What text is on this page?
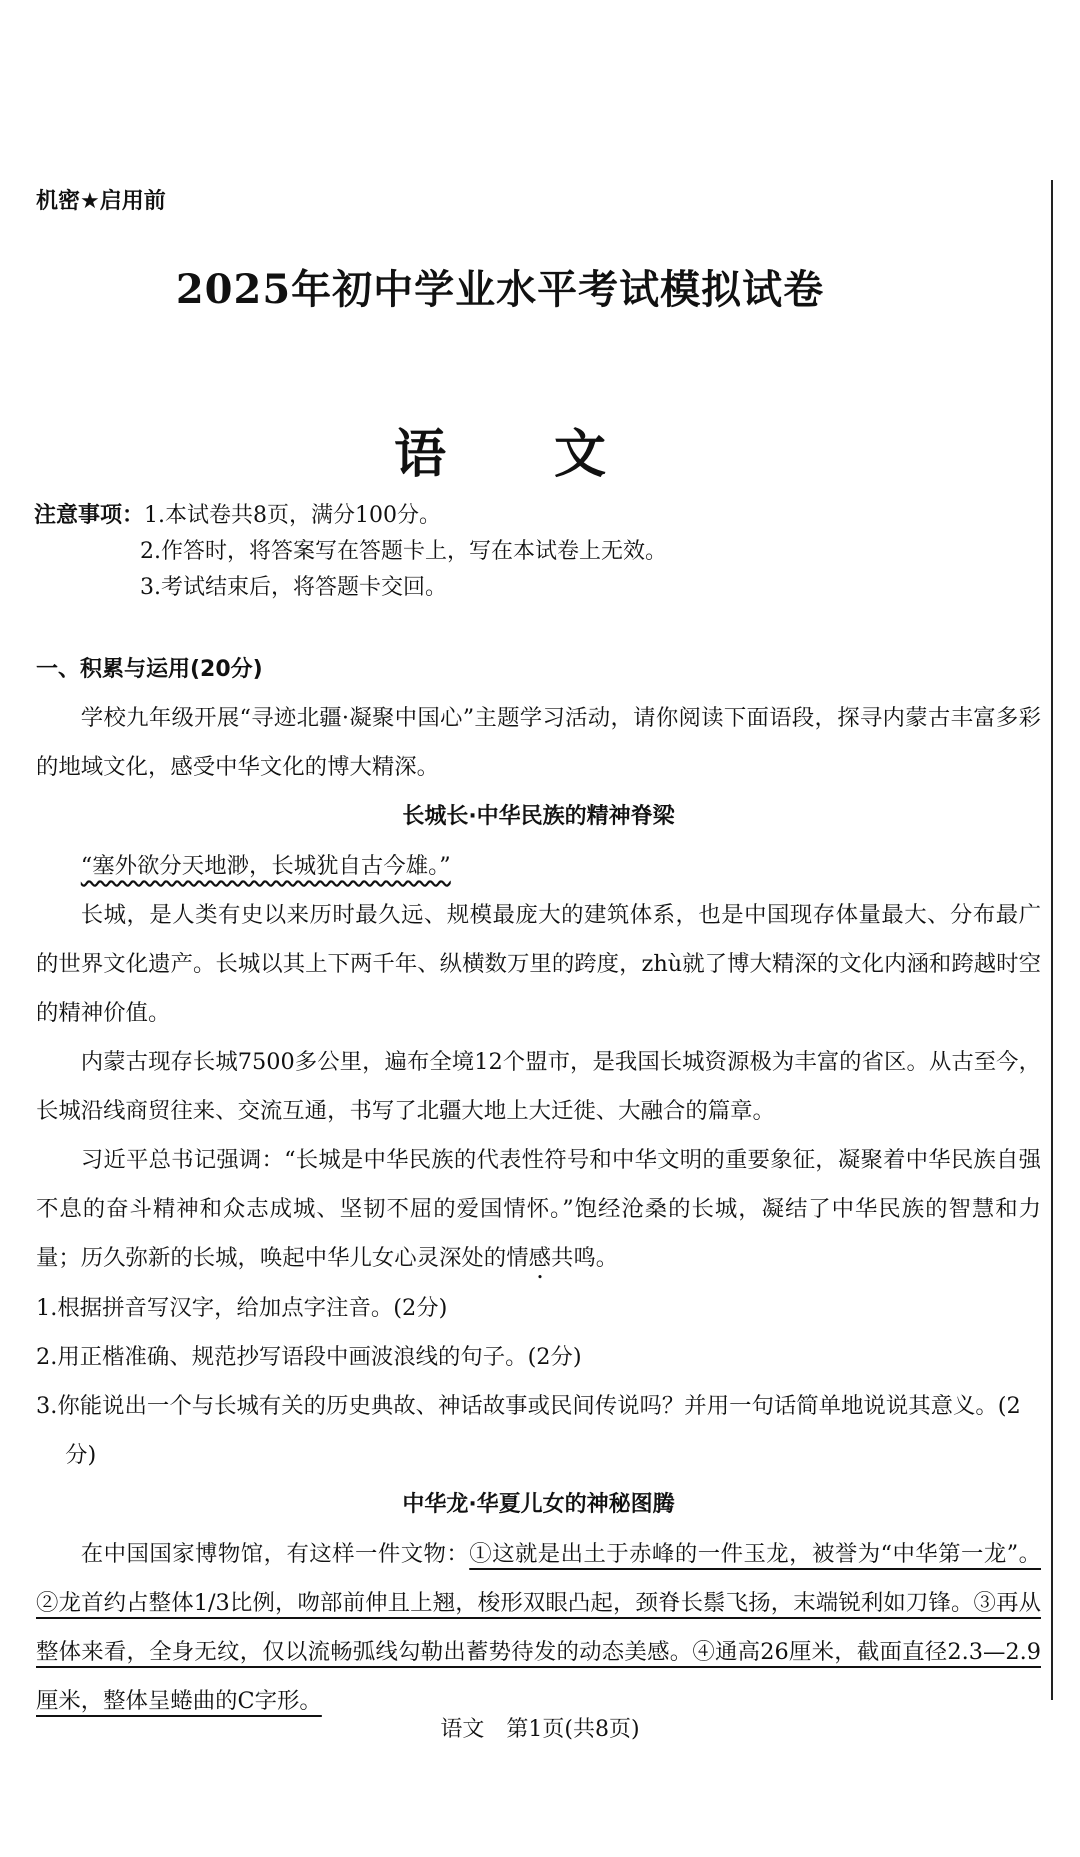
机密★启用前
2025年初中学业水平考试模拟试卷
语文
注意事项：1.本试卷共8页，满分100分。
2.作答时，将答案写在答题卡上，写在本试卷上无效。
3.考试结束后，将答题卡交回。
一、积累与运用(20分)

学校九年级开展“寻迹北疆·凝聚中国心”主题学习活动，请你阅读下面语段，探寻内蒙古丰富多彩的地域文化，感受中华文化的博大精深。

长城长·中华民族的精神脊梁
“塞外欲分天地渺，长城犹自古今雄。”

长城，是人类有史以来历时最久远、规模最庞大的建筑体系，也是中国现存体量最大、分布最广的世界文化遗产。长城以其上下两千年、纵横数万里的跨度，zhù就了博大精深的文化内涵和跨越时空的精神价值。

内蒙古现存长城7500多公里，遍布全境12个盟市，是我国长城资源极为丰富的省区。从古至今，长城沿线商贸往来、交流互通，书写了北疆大地上大迁徙、大融合的篇章。

习近平总书记强调：“长城是中华民族的代表性符号和中华文明的重要象征，凝聚着中华民族自强不息的奋斗精神和众志成城、坚韧不屈的爱国情怀。”饱经沧桑的长城，凝结了中华民族的智慧和力量；历久弥新的长城，唤起中华儿女心灵深处的情感共鸣。

1.根据拼音写汉字，给加点字注音。(2分)

2.用正楷准确、规范抄写语段中画波浪线的句子。(2分)

3.你能说出一个与长城有关的历史典故、神话故事或民间传说吗？并用一句话简单地说说其意义。(2分)

中华龙·华夏儿女的神秘图腾

在中国国家博物馆，有这样一件文物：①这就是出土于赤峰的一件玉龙，被誉为“中华第一龙”。②龙首约占整体1/3比例，吻部前伸且上翘，梭形双眼凸起，颈脊长鬃飞扬，末端锐利如刀锋。③再从整体来看，全身无纹，仅以流畅弧线勾勒出蓄势待发的动态美感。④通高26厘米，截面直径2.3—2.9厘米，整体呈蜷曲的C字形。

语文　第1页(共8页)
